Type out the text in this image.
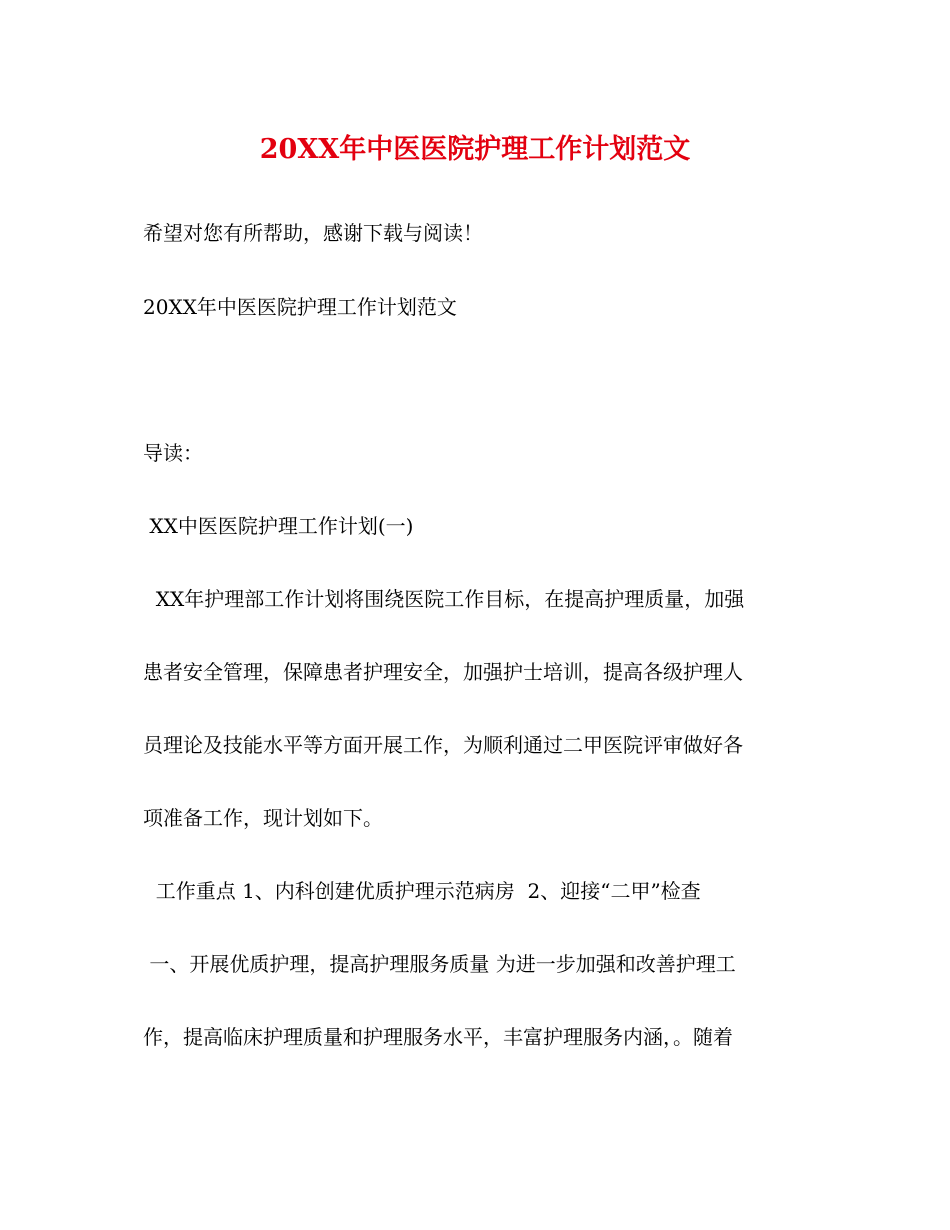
20XX年中医医院护理工作计划范文
希望对您有所帮助，感谢下载与阅读！
20XX年中医医院护理工作计划范文
导读：
XX中医医院护理工作计划(一)
XX年护理部工作计划将围绕医院工作目标，在提高护理质量，加强
患者安全管理，保障患者护理安全，加强护士培训，提高各级护理人
员理论及技能水平等方面开展工作，为顺利通过二甲医院评审做好各
项准备工作，现计划如下。
工作重点 1、内科创建优质护理示范病房  2、迎接“二甲”检查
一、开展优质护理，提高护理服务质量 为进一步加强和改善护理工
作，提高临床护理质量和护理服务水平，丰富护理服务内涵，。随着
